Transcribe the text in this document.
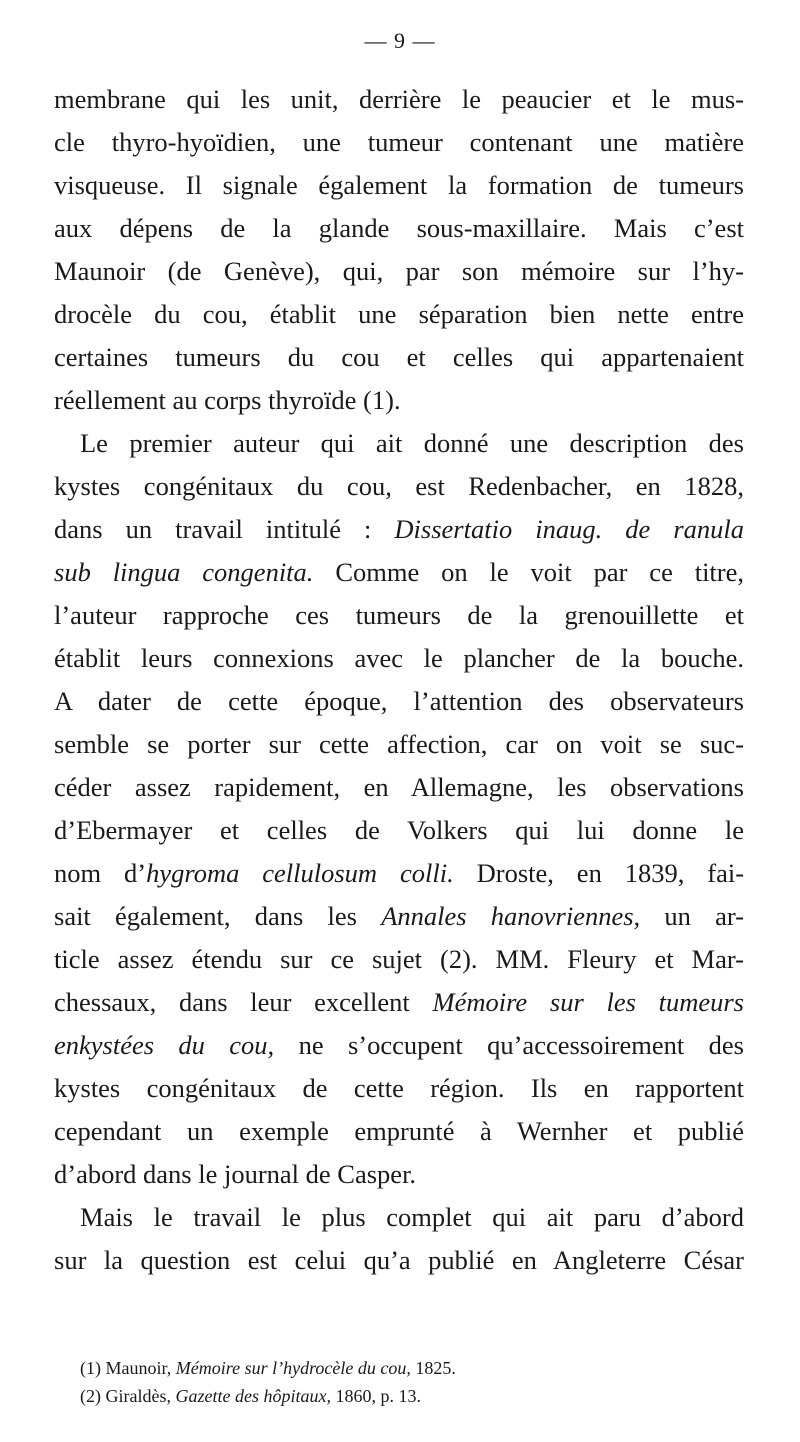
— 9 —
membrane qui les unit, derrière le peaucier et le mus-
cle thyro-hyoïdien, une tumeur contenant une matière
visqueuse. Il signale également la formation de tumeurs
aux dépens de la glande sous-maxillaire. Mais c’est
Maunoir (de Genève), qui, par son mémoire sur l’hy-
drocèle du cou, établit une séparation bien nette entre
certaines tumeurs du cou et celles qui appartenaient
réellement au corps thyroïde (1).
Le premier auteur qui ait donné une description des
kystes congénitaux du cou, est Redenbacher, en 1828,
dans un travail intitulé : Dissertatio inaug. de ranula
sub lingua congenita. Comme on le voit par ce titre,
l’auteur rapproche ces tumeurs de la grenouillette et
établit leurs connexions avec le plancher de la bouche.
A dater de cette époque, l’attention des observateurs
semble se porter sur cette affection, car on voit se suc-
céder assez rapidement, en Allemagne, les observations
d’Ebermayer et celles de Volkers qui lui donne le
nom d’hygroma cellulosum colli. Droste, en 1839, fai-
sait également, dans les Annales hanovriennes, un ar-
ticle assez étendu sur ce sujet (2). MM. Fleury et Mar-
chessaux, dans leur excellent Mémoire sur les tumeurs
enkystées du cou, ne s’occupent qu’accessoirement des
kystes congénitaux de cette région. Ils en rapportent
cependant un exemple emprunté à Wernher et publié
d’abord dans le journal de Casper.
Mais le travail le plus complet qui ait paru d’abord
sur la question est celui qu’a publié en Angleterre César
(1) Maunoir, Mémoire sur l’hydrocèle du cou, 1825.
(2) Giraldès, Gazette des hôpitaux, 1860, p. 13.
